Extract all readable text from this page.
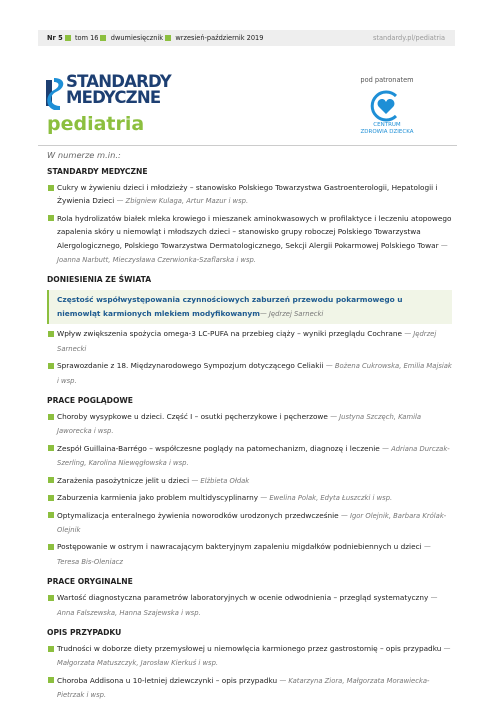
Nr 5 tom 16 dwumiesięcznik wrzesień-październik 2019	standardy.pl/pediatria
STANDARDY
MEDYCZNE
pediatria
pod patronatem
CENTRUM
ZDROWIA DZIECKA
W numerze m.in.:
STANDARDY MEDYCZNE
Cukry w żywieniu dzieci i młodzieży – stanowisko Polskiego Towarzystwa Gastroenterologii, Hepatologii i Żywienia Dzieci — Zbigniew Kulaga, Artur Mazur i wsp.
Rola hydrolizatów białek mleka krowiego i mieszanek aminokwasowych w profilaktyce i leczeniu atopowego zapalenia skóry u niemowląt i młodszych dzieci – stanowisko grupy roboczej Polskiego Towarzystwa Alergologicznego, Polskiego Towarzystwa Dermatologicznego, Sekcji Alergii Pokarmowej Polskiego Towar — Joanna Narbutt, Mieczysława Czerwionka-Szaflarska i wsp.
DONIESIENIA ZE ŚWIATA
Częstość współwystępowania czynnościowych zaburzeń przewodu pokarmowego u niemowląt karmionych mlekiem modyfikowanym— Jędrzej Sarnecki
Wpływ zwiększenia spożycia omega-3 LC-PUFA na przebieg ciąży – wyniki przeglądu Cochrane — Jędrzej Sarnecki
Sprawozdanie z 18. Międzynarodowego Sympozjum dotyczącego Celiakii — Bożena Cukrowska, Emilia Majsiak i wsp.
PRACE POGLĄDOWE
Choroby wysypkowe u dzieci. Część I – osutki pęcherzykowe i pęcherzowe — Justyna Szczęch, Kamila Jaworecka i wsp.
Zespół Guillaina-Barrégo – współczesne poglądy na patomechanizm, diagnozę i leczenie — Adriana Durczak-Szerling, Karolina Niewęgłowska i wsp.
Zarażenia pasożytnicze jelit u dzieci — Elżbieta Ołdak
Zaburzenia karmienia jako problem multidyscyplinarny — Ewelina Polak, Edyta Łuszczki i wsp.
Optymalizacja enteralnego żywienia noworodków urodzonych przedwcześnie — Igor Olejnik, Barbara Królak-Olejnik
Postępowanie w ostrym i nawracającym bakteryjnym zapaleniu migdałków podniebiennych u dzieci — Teresa Bis-Oleniacz
PRACE ORYGINALNE
Wartość diagnostyczna parametrów laboratoryjnych w ocenie odwodnienia – przegląd systematyczny — Anna Falszewska, Hanna Szajewska i wsp.
OPIS PRZYPADKU
Trudności w doborze diety przemysłowej u niemowlęcia karmionego przez gastrostomię – opis przypadku — Małgorzata Matuszczyk, Jarosław Kierkuś i wsp.
Choroba Addisona u 10-letniej dziewczynki – opis przypadku — Katarzyna Ziora, Małgorzata Morawiecka-Pietrzak i wsp.
